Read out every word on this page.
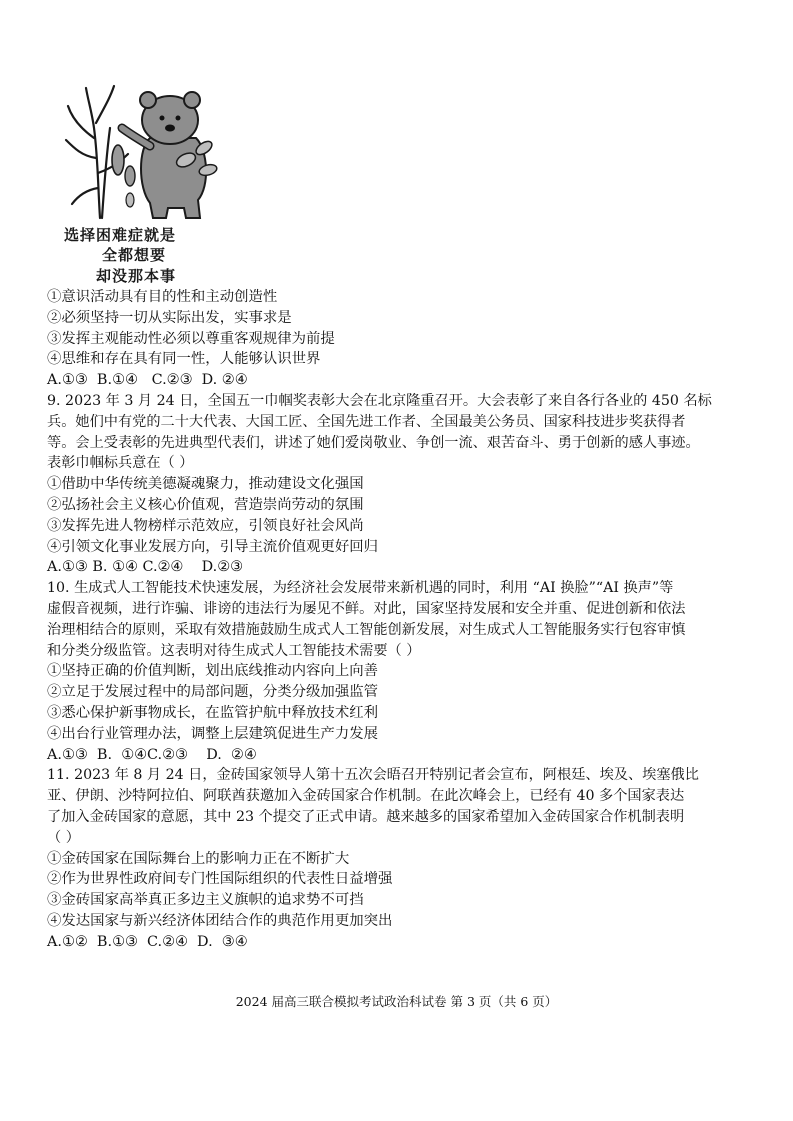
选择困难症就是
全都想要
却没那本事
①意识活动具有目的性和主动创造性
②必须坚持一切从实际出发，实事求是
③发挥主观能动性必须以尊重客观规律为前提
④思维和存在具有同一性，人能够认识世界
A.①③  B.①④   C.②③  D. ②④
9. 2023 年 3 月 24 日，全国五一巾帼奖表彰大会在北京隆重召开。大会表彰了来自各行各业的 450 名标
兵。她们中有党的二十大代表、大国工匠、全国先进工作者、全国最美公务员、国家科技进步奖获得者
等。会上受表彰的先进典型代表们，讲述了她们爱岗敬业、争创一流、艰苦奋斗、勇于创新的感人事迹。
表彰巾帼标兵意在（ ）
①借助中华传统美德凝魂聚力，推动建设文化强国
②弘扬社会主义核心价值观，营造崇尚劳动的氛围
③发挥先进人物榜样示范效应，引领良好社会风尚
④引领文化事业发展方向，引导主流价值观更好回归
A.①③ B. ①④ C.②④    D.②③
10. 生成式人工智能技术快速发展，为经济社会发展带来新机遇的同时，利用 “AI 换脸”“AI 换声”等
虚假音视频，进行诈骗、诽谤的违法行为屡见不鲜。对此，国家坚持发展和安全并重、促进创新和依法
治理相结合的原则，采取有效措施鼓励生成式人工智能创新发展，对生成式人工智能服务实行包容审慎
和分类分级监管。这表明对待生成式人工智能技术需要（ ）
①坚持正确的价值判断，划出底线推动内容向上向善
②立足于发展过程中的局部问题，分类分级加强监管
③悉心保护新事物成长，在监管护航中释放技术红利
④出台行业管理办法，调整上层建筑促进生产力发展
A.①③  B.  ①④C.②③    D.  ②④
11. 2023 年 8 月 24 日，金砖国家领导人第十五次会晤召开特别记者会宣布，阿根廷、埃及、埃塞俄比
亚、伊朗、沙特阿拉伯、阿联酋获邀加入金砖国家合作机制。在此次峰会上，已经有 40 多个国家表达
了加入金砖国家的意愿，其中 23 个提交了正式申请。越来越多的国家希望加入金砖国家合作机制表明
（ ）
①金砖国家在国际舞台上的影响力正在不断扩大
②作为世界性政府间专门性国际组织的代表性日益增强
③金砖国家高举真正多边主义旗帜的追求势不可挡
④发达国家与新兴经济体团结合作的典范作用更加突出
A.①②  B.①③  C.②④  D.  ③④
2024 届高三联合模拟考试政治科试卷 第 3 页（共 6 页）
